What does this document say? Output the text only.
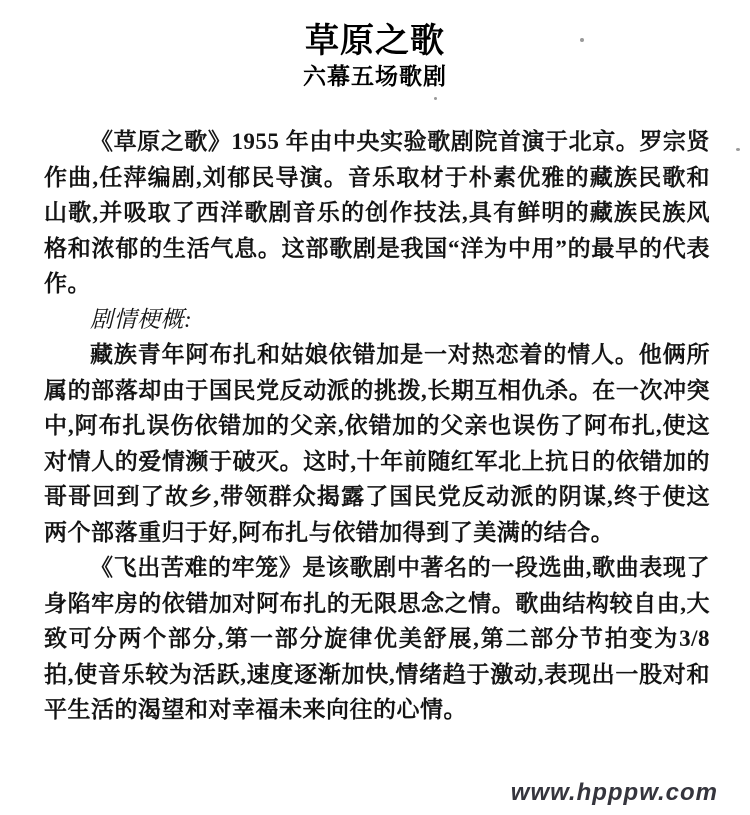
草原之歌
六幕五场歌剧

《草原之歌》1955 年由中央实验歌剧院首演于北京。罗宗贤作曲,任萍编剧,刘郁民导演。音乐取材于朴素优雅的藏族民歌和山歌,并吸取了西洋歌剧音乐的创作技法,具有鲜明的藏族民族风格和浓郁的生活气息。这部歌剧是我国“洋为中用”的最早的代表作。

剧情梗概:

藏族青年阿布扎和姑娘依错加是一对热恋着的情人。他俩所属的部落却由于国民党反动派的挑拨,长期互相仇杀。在一次冲突中,阿布扎误伤依错加的父亲,依错加的父亲也误伤了阿布扎,使这对情人的爱情濒于破灭。这时,十年前随红军北上抗日的依错加的哥哥回到了故乡,带领群众揭露了国民党反动派的阴谋,终于使这两个部落重归于好,阿布扎与依错加得到了美满的结合。

《飞出苦难的牢笼》是该歌剧中著名的一段选曲,歌曲表现了身陷牢房的依错加对阿布扎的无限思念之情。歌曲结构较自由,大致可分两个部分,第一部分旋律优美舒展,第二部分节拍变为3/8 拍,使音乐较为活跃,速度逐渐加快,情绪趋于激动,表现出一股对和平生活的渴望和对幸福未来向往的心情。

www.hpppw.com
